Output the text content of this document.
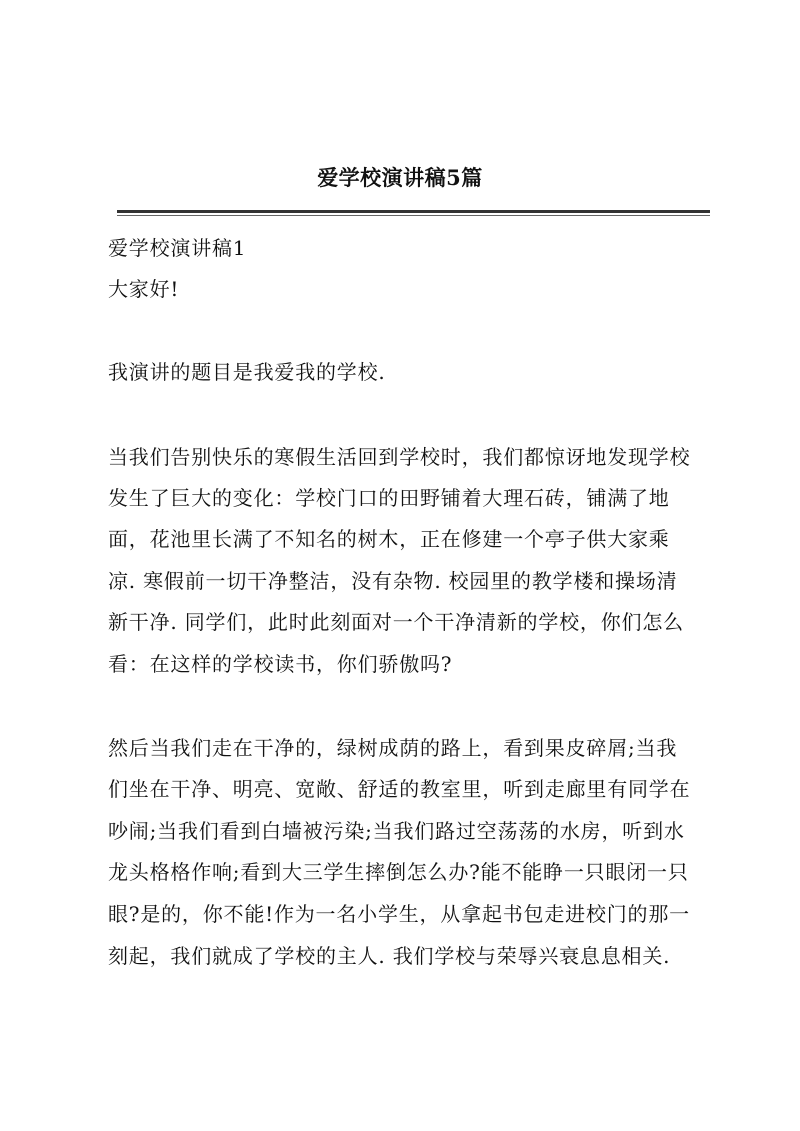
爱学校演讲稿5篇
爱学校演讲稿1
大家好!
我演讲的题目是我爱我的学校.
当我们告别快乐的寒假生活回到学校时，我们都惊讶地发现学校
发生了巨大的变化：学校门口的田野铺着大理石砖，铺满了地
面，花池里长满了不知名的树木，正在修建一个亭子供大家乘
凉. 寒假前一切干净整洁，没有杂物. 校园里的教学楼和操场清
新干净. 同学们，此时此刻面对一个干净清新的学校，你们怎么
看：在这样的学校读书，你们骄傲吗?
然后当我们走在干净的，绿树成荫的路上，看到果皮碎屑;当我
们坐在干净、明亮、宽敞、舒适的教室里，听到走廊里有同学在
吵闹;当我们看到白墙被污染;当我们路过空荡荡的水房，听到水
龙头格格作响;看到大三学生摔倒怎么办?能不能睁一只眼闭一只
眼?是的，你不能!作为一名小学生，从拿起书包走进校门的那一
刻起，我们就成了学校的主人. 我们学校与荣辱兴衰息息相关.
